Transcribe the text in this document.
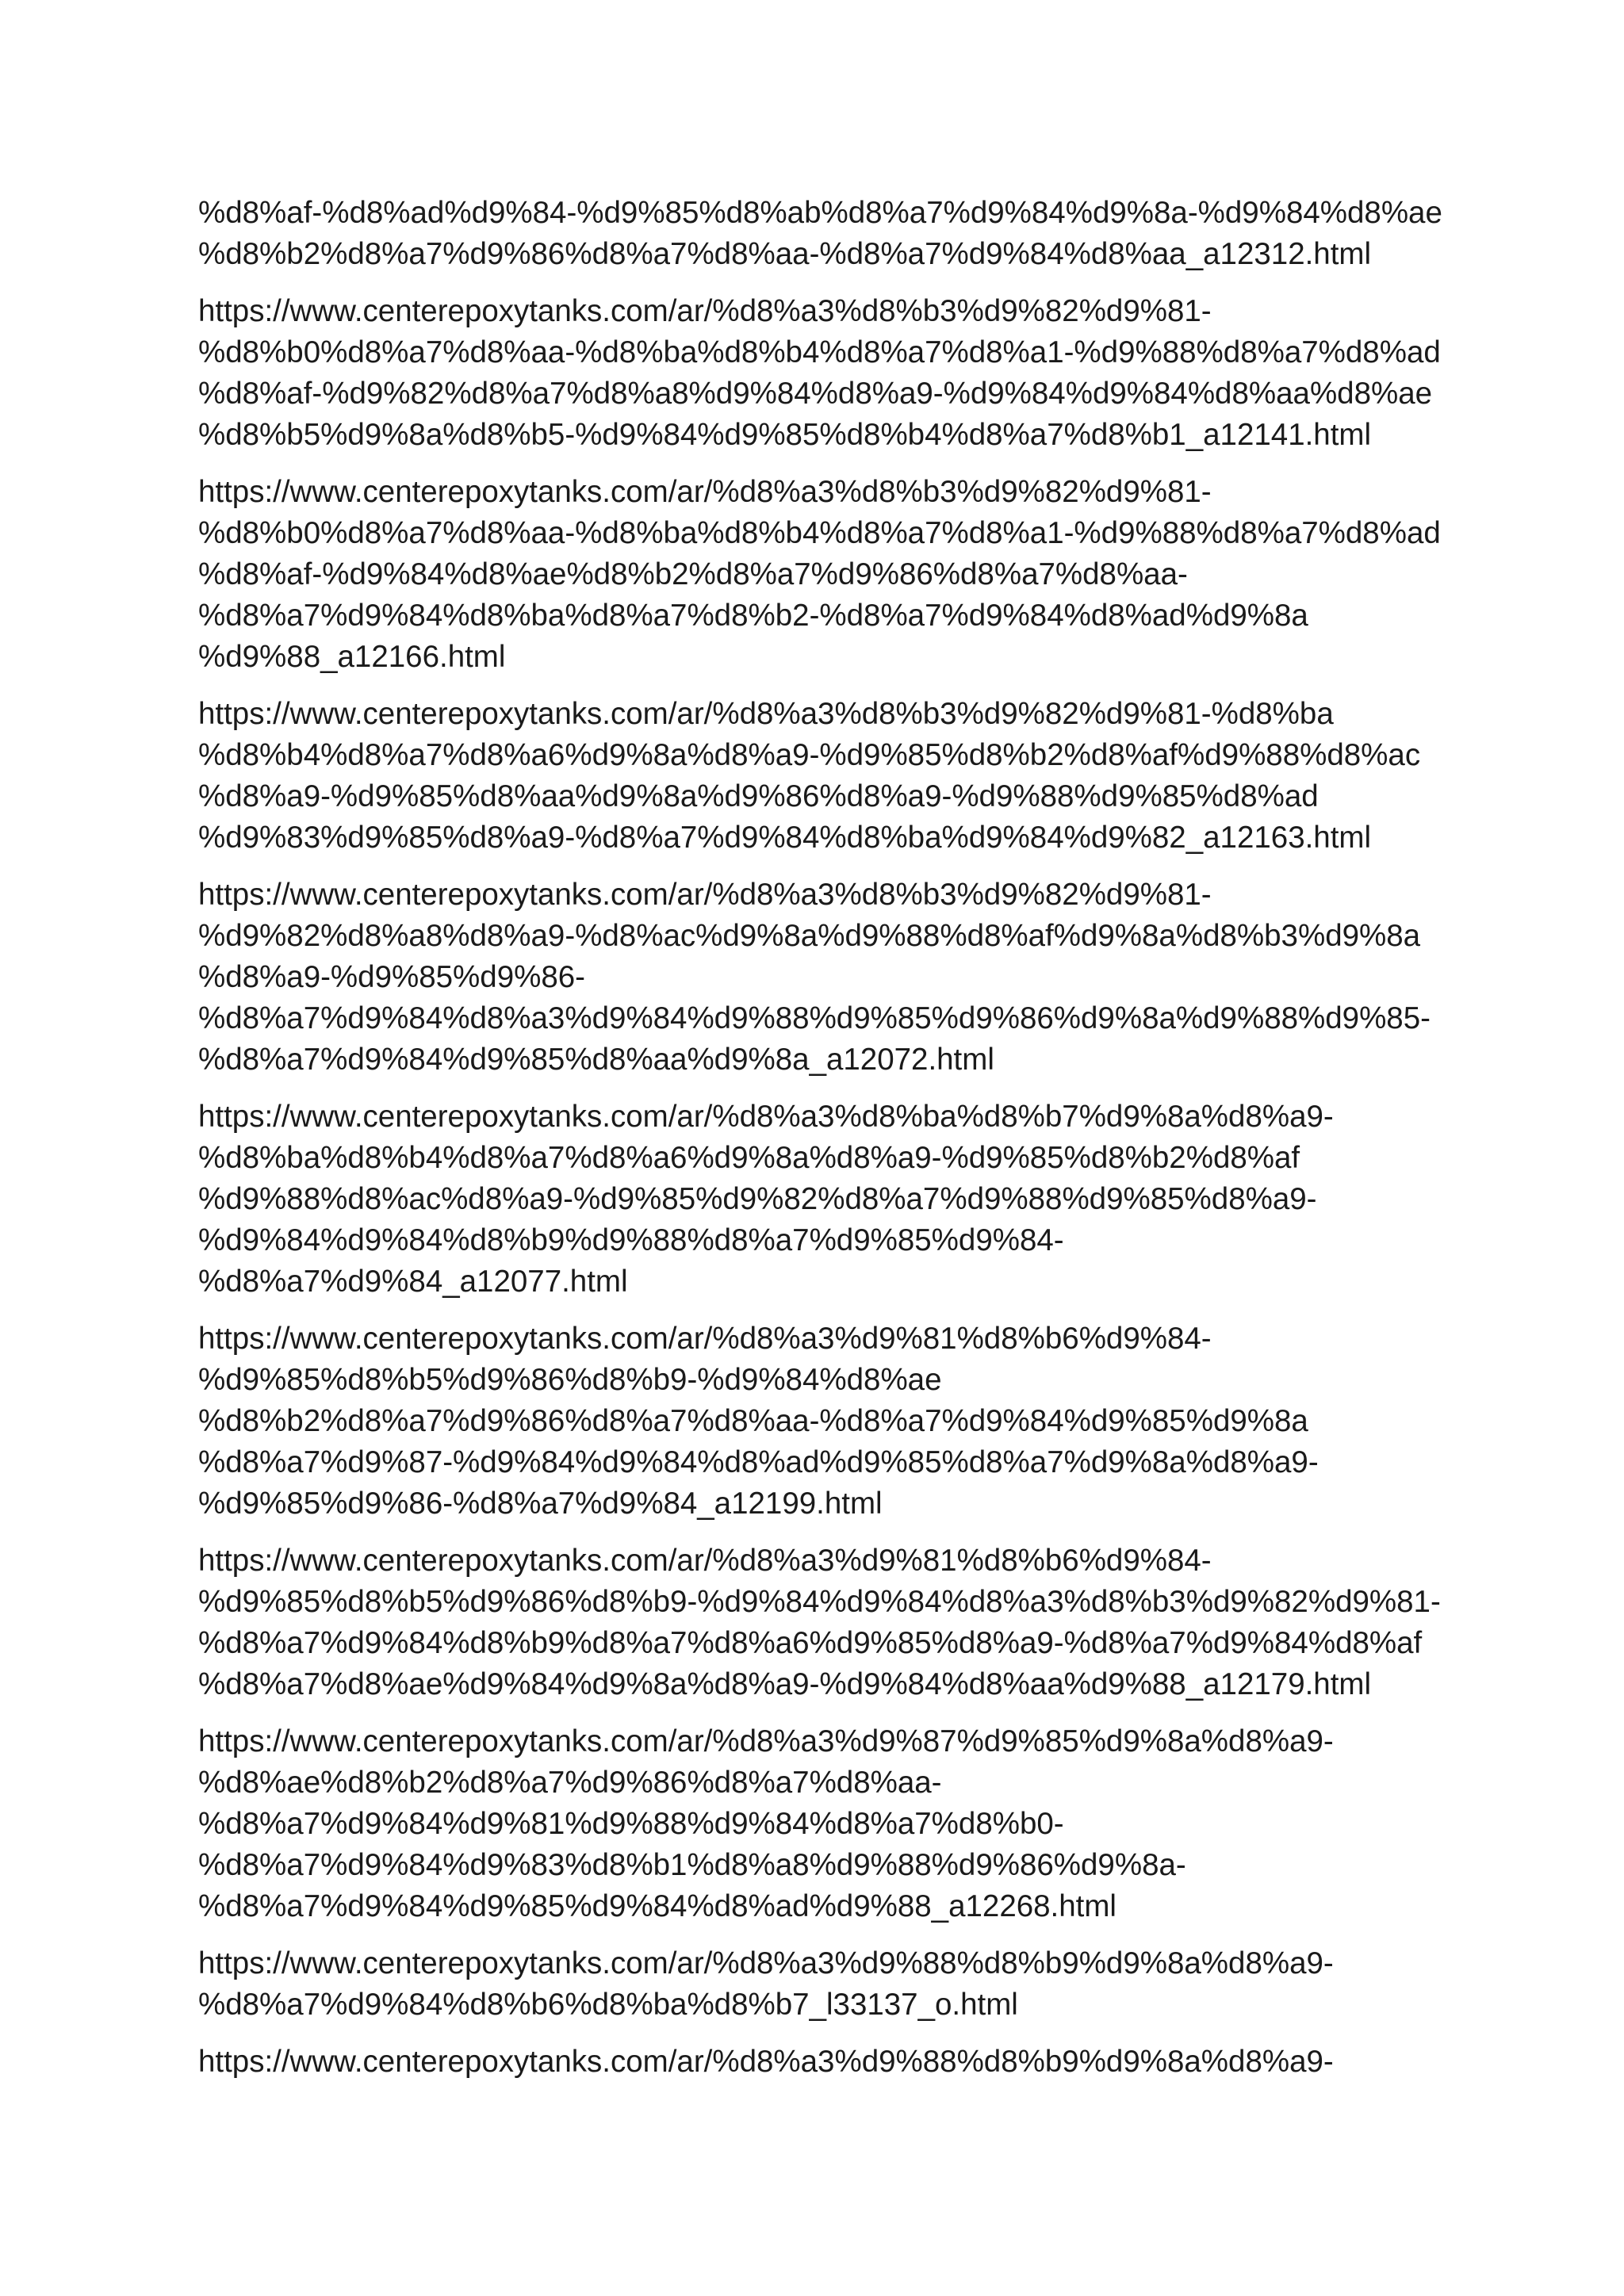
%d8%af-%d8%ad%d9%84-%d9%85%d8%ab%d8%a7%d9%84%d9%8a-%d9%84%d8%ae
%d8%b2%d8%a7%d9%86%d8%a7%d8%aa-%d8%a7%d9%84%d8%aa_a12312.html
https://www.centerepoxytanks.com/ar/%d8%a3%d8%b3%d9%82%d9%81-
%d8%b0%d8%a7%d8%aa-%d8%ba%d8%b4%d8%a7%d8%a1-%d9%88%d8%a7%d8%ad
%d8%af-%d9%82%d8%a7%d8%a8%d9%84%d8%a9-%d9%84%d9%84%d8%aa%d8%ae
%d8%b5%d9%8a%d8%b5-%d9%84%d9%85%d8%b4%d8%a7%d8%b1_a12141.html
https://www.centerepoxytanks.com/ar/%d8%a3%d8%b3%d9%82%d9%81-
%d8%b0%d8%a7%d8%aa-%d8%ba%d8%b4%d8%a7%d8%a1-%d9%88%d8%a7%d8%ad
%d8%af-%d9%84%d8%ae%d8%b2%d8%a7%d9%86%d8%a7%d8%aa-
%d8%a7%d9%84%d8%ba%d8%a7%d8%b2-%d8%a7%d9%84%d8%ad%d9%8a
%d9%88_a12166.html
https://www.centerepoxytanks.com/ar/%d8%a3%d8%b3%d9%82%d9%81-%d8%ba
%d8%b4%d8%a7%d8%a6%d9%8a%d8%a9-%d9%85%d8%b2%d8%af%d9%88%d8%ac
%d8%a9-%d9%85%d8%aa%d9%8a%d9%86%d8%a9-%d9%88%d9%85%d8%ad
%d9%83%d9%85%d8%a9-%d8%a7%d9%84%d8%ba%d9%84%d9%82_a12163.html
https://www.centerepoxytanks.com/ar/%d8%a3%d8%b3%d9%82%d9%81-
%d9%82%d8%a8%d8%a9-%d8%ac%d9%8a%d9%88%d8%af%d9%8a%d8%b3%d9%8a
%d8%a9-%d9%85%d9%86-
%d8%a7%d9%84%d8%a3%d9%84%d9%88%d9%85%d9%86%d9%8a%d9%88%d9%85-
%d8%a7%d9%84%d9%85%d8%aa%d9%8a_a12072.html
https://www.centerepoxytanks.com/ar/%d8%a3%d8%ba%d8%b7%d9%8a%d8%a9-
%d8%ba%d8%b4%d8%a7%d8%a6%d9%8a%d8%a9-%d9%85%d8%b2%d8%af
%d9%88%d8%ac%d8%a9-%d9%85%d9%82%d8%a7%d9%88%d9%85%d8%a9-
%d9%84%d9%84%d8%b9%d9%88%d8%a7%d9%85%d9%84-
%d8%a7%d9%84_a12077.html
https://www.centerepoxytanks.com/ar/%d8%a3%d9%81%d8%b6%d9%84-
%d9%85%d8%b5%d9%86%d8%b9-%d9%84%d8%ae
%d8%b2%d8%a7%d9%86%d8%a7%d8%aa-%d8%a7%d9%84%d9%85%d9%8a
%d8%a7%d9%87-%d9%84%d9%84%d8%ad%d9%85%d8%a7%d9%8a%d8%a9-
%d9%85%d9%86-%d8%a7%d9%84_a12199.html
https://www.centerepoxytanks.com/ar/%d8%a3%d9%81%d8%b6%d9%84-
%d9%85%d8%b5%d9%86%d8%b9-%d9%84%d9%84%d8%a3%d8%b3%d9%82%d9%81-
%d8%a7%d9%84%d8%b9%d8%a7%d8%a6%d9%85%d8%a9-%d8%a7%d9%84%d8%af
%d8%a7%d8%ae%d9%84%d9%8a%d8%a9-%d9%84%d8%aa%d9%88_a12179.html
https://www.centerepoxytanks.com/ar/%d8%a3%d9%87%d9%85%d9%8a%d8%a9-
%d8%ae%d8%b2%d8%a7%d9%86%d8%a7%d8%aa-
%d8%a7%d9%84%d9%81%d9%88%d9%84%d8%a7%d8%b0-
%d8%a7%d9%84%d9%83%d8%b1%d8%a8%d9%88%d9%86%d9%8a-
%d8%a7%d9%84%d9%85%d9%84%d8%ad%d9%88_a12268.html
https://www.centerepoxytanks.com/ar/%d8%a3%d9%88%d8%b9%d9%8a%d8%a9-
%d8%a7%d9%84%d8%b6%d8%ba%d8%b7_l33137_o.html
https://www.centerepoxytanks.com/ar/%d8%a3%d9%88%d8%b9%d9%8a%d8%a9-
